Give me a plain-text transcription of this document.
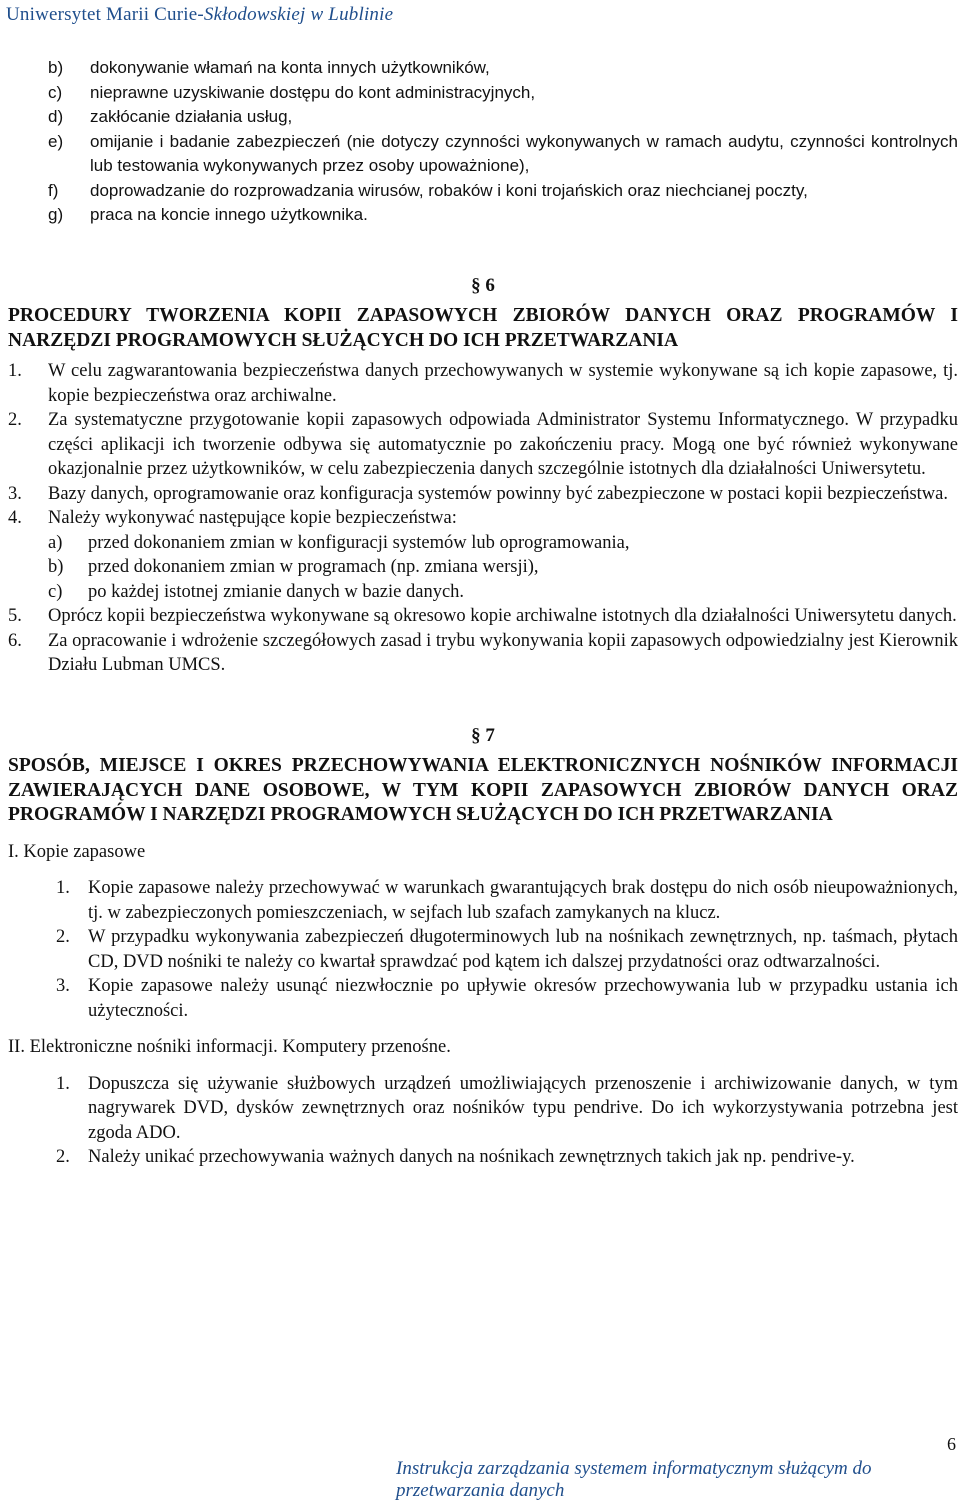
Uniwersytet Marii Curie-Skłodowskiej w Lublinie
b)	dokonywanie włamań na konta innych użytkowników,
c)	nieprawne uzyskiwanie dostępu do kont administracyjnych,
d)	zakłócanie działania usług,
e)	omijanie i badanie zabezpieczeń (nie dotyczy czynności wykonywanych w ramach audytu, czynności kontrolnych lub testowania wykonywanych przez osoby upoważnione),
f)	doprowadzanie do rozprowadzania wirusów, robaków i koni trojańskich oraz niechcianej poczty,
g)	praca na koncie innego użytkownika.
§ 6
PROCEDURY TWORZENIA KOPII ZAPASOWYCH ZBIORÓW DANYCH ORAZ PROGRAMÓW I NARZĘDZI PROGRAMOWYCH SŁUŻĄCYCH DO ICH PRZETWARZANIA
1.	W celu zagwarantowania bezpieczeństwa danych przechowywanych w systemie wykonywane są ich kopie zapasowe, tj. kopie bezpieczeństwa oraz archiwalne.
2.	Za systematyczne przygotowanie kopii zapasowych odpowiada Administrator Systemu Informatycznego. W przypadku części aplikacji ich tworzenie odbywa się automatycznie po zakończeniu pracy. Mogą one być również wykonywane okazjonalnie przez użytkowników, w celu zabezpieczenia danych szczególnie istotnych dla działalności Uniwersytetu.
3.	Bazy danych, oprogramowanie oraz konfiguracja systemów powinny być zabezpieczone w postaci kopii bezpieczeństwa.
4.	Należy wykonywać następujące kopie bezpieczeństwa:
a)	przed dokonaniem zmian w konfiguracji systemów lub oprogramowania,
b)	przed dokonaniem zmian w programach (np. zmiana wersji),
c)	po każdej istotnej zmianie danych w bazie danych.
5.	Oprócz kopii bezpieczeństwa wykonywane są okresowo kopie archiwalne istotnych dla działalności Uniwersytetu danych.
6.	Za opracowanie i wdrożenie szczegółowych zasad i trybu wykonywania kopii zapasowych odpowiedzialny jest Kierownik Działu Lubman UMCS.
§ 7
SPOSÓB, MIEJSCE I OKRES PRZECHOWYWANIA ELEKTRONICZNYCH NOŚNIKÓW INFORMACJI ZAWIERAJĄCYCH DANE OSOBOWE, W TYM KOPII ZAPASOWYCH ZBIORÓW DANYCH ORAZ PROGRAMÓW I NARZĘDZI PROGRAMOWYCH SŁUŻĄCYCH DO ICH PRZETWARZANIA
I. Kopie zapasowe
1. Kopie zapasowe należy przechowywać w warunkach gwarantujących brak dostępu do nich osób nieupoważnionych, tj. w zabezpieczonych pomieszczeniach, w sejfach lub szafach zamykanych na klucz.
2. W przypadku wykonywania zabezpieczeń długoterminowych lub na nośnikach zewnętrznych, np. taśmach, płytach CD, DVD nośniki te należy co kwartał sprawdzać pod kątem ich dalszej przydatności oraz odtwarzalności.
3. Kopie zapasowe należy usunąć niezwłocznie po upływie okresów przechowywania lub w przypadku ustania ich użyteczności.
II. Elektroniczne nośniki informacji. Komputery przenośne.
1. Dopuszcza się używanie służbowych urządzeń umożliwiających przenoszenie i archiwizowanie danych, w tym nagrywarek DVD, dysków zewnętrznych oraz nośników typu pendrive. Do ich wykorzystywania potrzebna jest zgoda ADO.
2. Należy unikać przechowywania ważnych danych na nośnikach zewnętrznych takich jak np. pendrive-y.
6
Instrukcja zarządzania systemem informatycznym służącym do przetwarzania danych
